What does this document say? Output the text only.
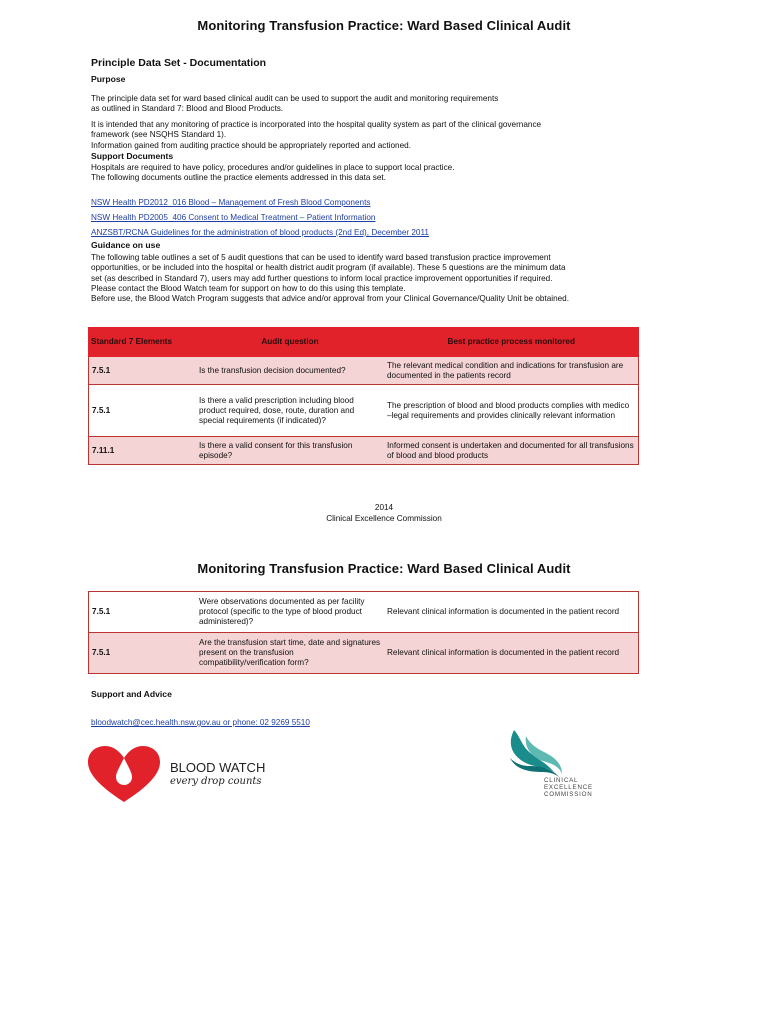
Monitoring Transfusion Practice: Ward Based Clinical Audit
Principle Data Set - Documentation
Purpose

The principle data set for ward based clinical audit can be used to support the audit and monitoring requirements
as outlined in Standard 7: Blood and Blood Products.

It is intended that any monitoring of practice is incorporated into the hospital quality system as part of the clinical governance
framework (see NSQHS Standard 1).
Information gained from auditing practice should be appropriately reported and actioned.

Support Documents

Hospitals are required to have policy, procedures and/or guidelines in place to support local practice.
The following documents outline the practice elements addressed in this data set.

NSW Health PD2012_016 Blood – Management of Fresh Blood Components
NSW Health PD2005_406 Consent to Medical Treatment – Patient Information
ANZSBT/RCNA Guidelines for the administration of blood products (2nd Ed), December 2011
Guidance on use

The following table outlines a set of 5 audit questions that can be used to identify ward based transfusion practice improvement
opportunities, or be included into the hospital or health district audit program (if available). These 5 questions are the minimum data
set (as described in Standard 7), users may add further questions to inform local practice improvement opportunities if required.
Please contact the Blood Watch team for support on how to do this using this template.
Before use, the Blood Watch Program suggests that advice and/or approval from your Clinical Governance/Quality Unit be obtained.

Standard 7 Elements	Audit question	Best practice process monitored
7.5.1	Is the transfusion decision documented?	The relevant medical condition and indications for transfusion are documented in the patients record
7.5.1	Is there a valid prescription including blood product required, dose, route, duration and special requirements (if indicated)?	The prescription of blood and blood products complies with medico –legal requirements and provides clinically relevant information
7.11.1	Is there a valid consent for this transfusion episode?	Informed consent is undertaken and documented for all transfusions of blood and blood products
2014
Clinical Excellence Commission
Monitoring Transfusion Practice: Ward Based Clinical Audit
7.5.1	Were observations documented as per facility protocol (specific to the type of blood product administered)?	Relevant clinical information is documented in the patient record
7.5.1	Are the transfusion start time, date and signatures present on the transfusion compatibility/verification form?	Relevant clinical information is documented in the patient record
Support and Advice
bloodwatch@cec.health.nsw.gov.au or phone: 02 9269 5510
BLOOD WATCH
every drop counts	CLINICAL
EXCELLENCE
COMMISSION
